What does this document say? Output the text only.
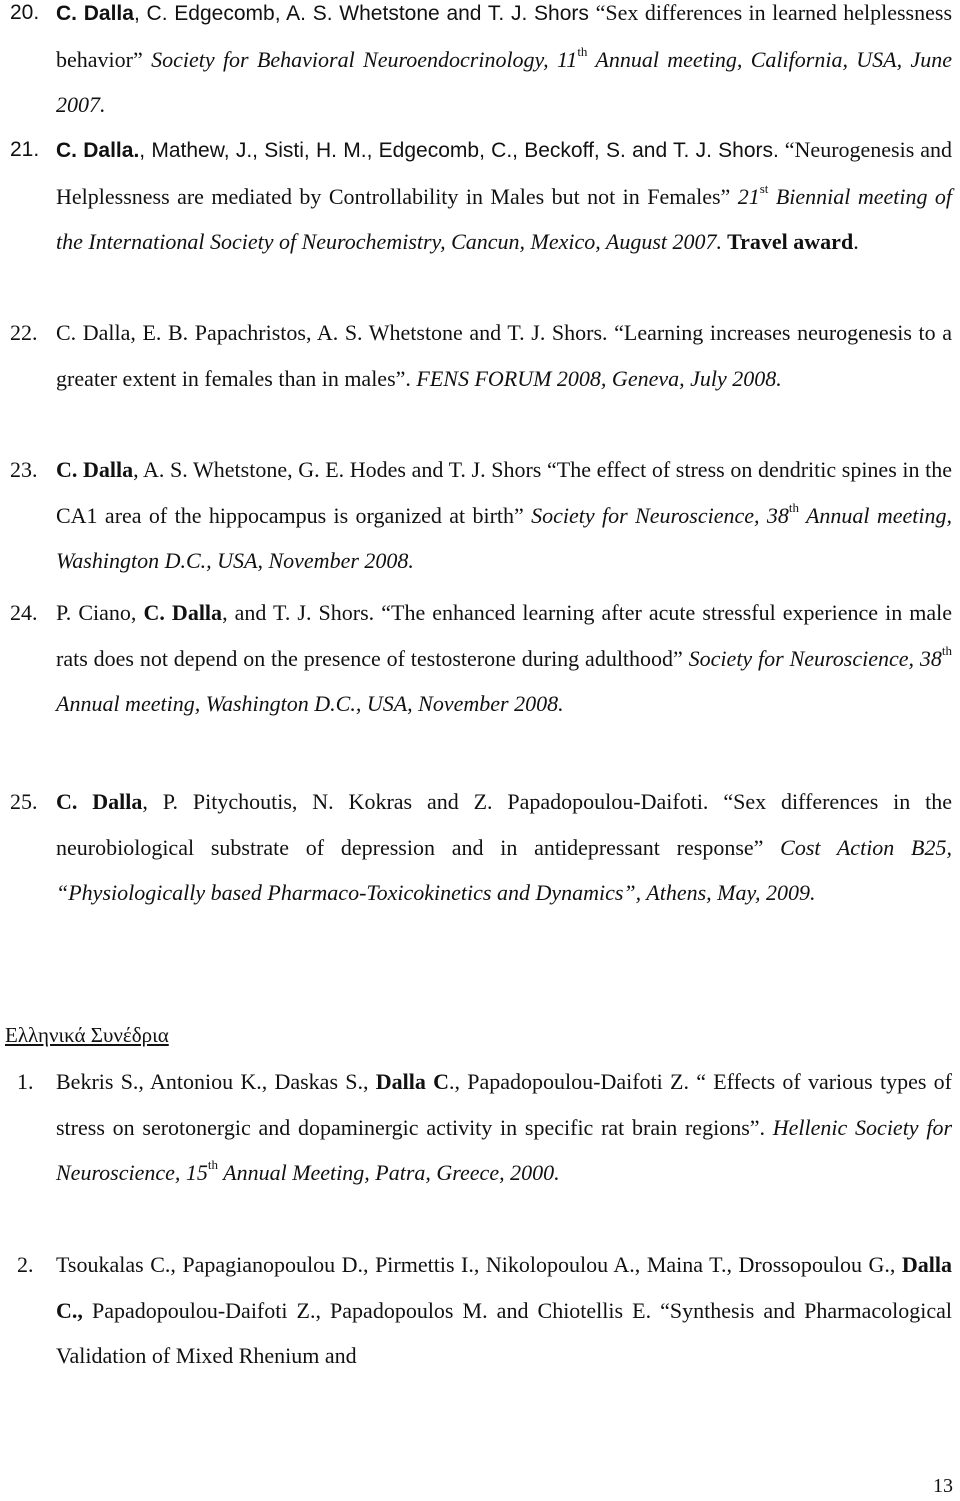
20. C. Dalla, C. Edgecomb, A. S. Whetstone and T. J. Shors “Sex differences in learned helplessness behavior” Society for Behavioral Neuroendocrinology, 11th Annual meeting, California, USA, June 2007.
21. C. Dalla., Mathew, J., Sisti, H. M., Edgecomb, C., Beckoff, S. and T. J. Shors. “Neurogenesis and Helplessness are mediated by Controllability in Males but not in Females” 21st Biennial meeting of the International Society of Neurochemistry, Cancun, Mexico, August 2007. Travel award.
22. C. Dalla, E. B. Papachristos, A. S. Whetstone and T. J. Shors. “Learning increases neurogenesis to a greater extent in females than in males”. FENS FORUM 2008, Geneva, July 2008.
23. C. Dalla, A. S. Whetstone, G. E. Hodes and T. J. Shors “The effect of stress on dendritic spines in the CA1 area of the hippocampus is organized at birth” Society for Neuroscience, 38th Annual meeting, Washington D.C., USA, November 2008.
24. P. Ciano, C. Dalla, and T. J. Shors. “The enhanced learning after acute stressful experience in male rats does not depend on the presence of testosterone during adulthood” Society for Neuroscience, 38th Annual meeting, Washington D.C., USA, November 2008.
25. C. Dalla, P. Pitychoutis, N. Kokras and Z. Papadopoulou-Daifoti. “Sex differences in the neurobiological substrate of depression and in antidepressant response” Cost Action B25, “Physiologically based Pharmaco-Toxicokinetics and Dynamics”, Athens, May, 2009.
Ελληνικά Συνέδρια
1. Bekris S., Antoniou K., Daskas S., Dalla C., Papadopoulou-Daifoti Z. “ Effects of various types of stress on serotonergic and dopaminergic activity in specific rat brain regions”. Hellenic Society for Neuroscience, 15th Annual Meeting, Patra, Greece, 2000.
2. Tsoukalas C., Papagianopoulou D., Pirmettis I., Nikolopoulou A., Maina T., Drossopoulou G., Dalla C., Papadopoulou-Daifoti Z., Papadopoulos M. and Chiotellis E. “Synthesis and Pharmacological Validation of Mixed Rhenium and
13
